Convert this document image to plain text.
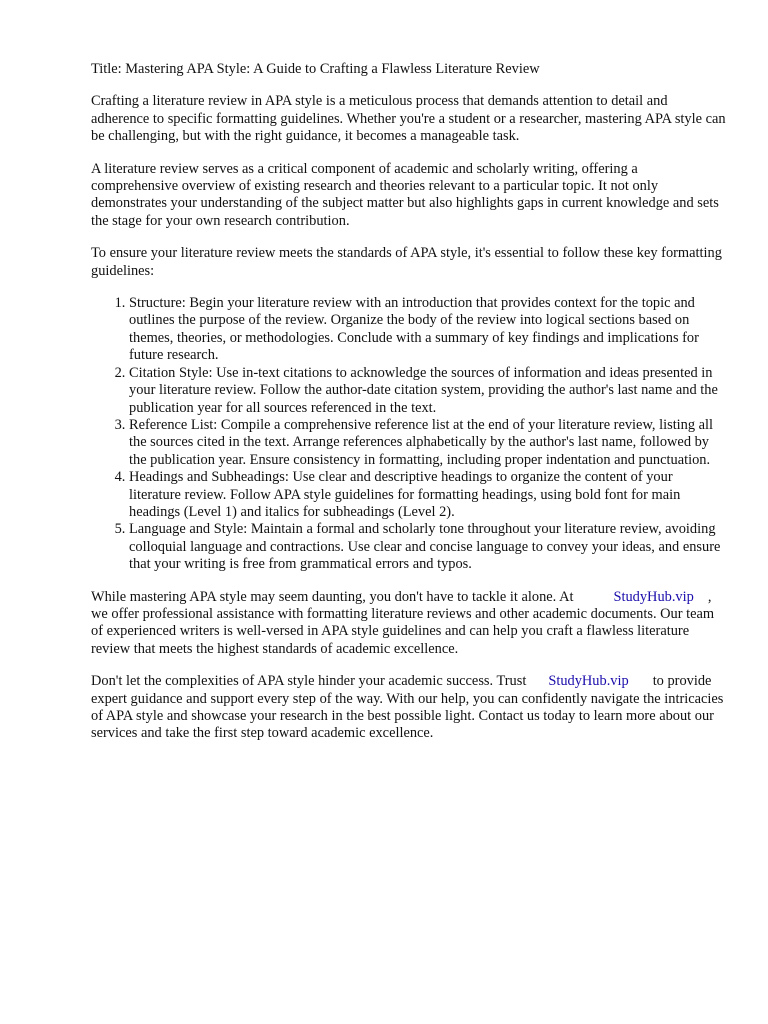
Title: Mastering APA Style: A Guide to Crafting a Flawless Literature Review

Crafting a literature review in APA style is a meticulous process that demands attention to detail and adherence to specific formatting guidelines. Whether you're a student or a researcher, mastering APA style can be challenging, but with the right guidance, it becomes a manageable task.

A literature review serves as a critical component of academic and scholarly writing, offering a comprehensive overview of existing research and theories relevant to a particular topic. It not only demonstrates your understanding of the subject matter but also highlights gaps in current knowledge and sets the stage for your own research contribution.

To ensure your literature review meets the standards of APA style, it's essential to follow these key formatting guidelines:

1. Structure: Begin your literature review with an introduction that provides context for the topic and outlines the purpose of the review. Organize the body of the review into logical sections based on themes, theories, or methodologies. Conclude with a summary of key findings and implications for future research.
2. Citation Style: Use in-text citations to acknowledge the sources of information and ideas presented in your literature review. Follow the author-date citation system, providing the author's last name and the publication year for all sources referenced in the text.
3. Reference List: Compile a comprehensive reference list at the end of your literature review, listing all the sources cited in the text. Arrange references alphabetically by the author's last name, followed by the publication year. Ensure consistency in formatting, including proper indentation and punctuation.
4. Headings and Subheadings: Use clear and descriptive headings to organize the content of your literature review. Follow APA style guidelines for formatting headings, using bold font for main headings (Level 1) and italics for subheadings (Level 2).
5. Language and Style: Maintain a formal and scholarly tone throughout your literature review, avoiding colloquial language and contractions. Use clear and concise language to convey your ideas, and ensure that your writing is free from grammatical errors and typos.

While mastering APA style may seem daunting, you don't have to tackle it alone. At	StudyHub.vip , we offer professional assistance with formatting literature reviews and other academic documents. Our team of experienced writers is well-versed in APA style guidelines and can help you craft a flawless literature review that meets the highest standards of academic excellence.

Don't let the complexities of APA style hinder your academic success. Trust StudyHub.vip to provide expert guidance and support every step of the way. With our help, you can confidently navigate the intricacies of APA style and showcase your research in the best possible light. Contact us today to learn more about our services and take the first step toward academic excellence.
